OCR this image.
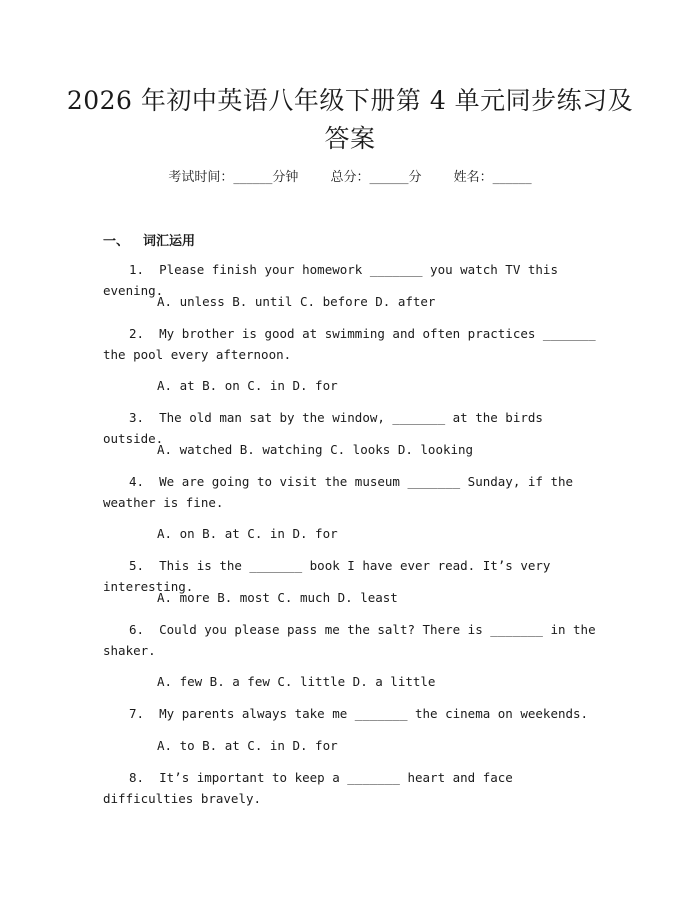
2026 年初中英语八年级下册第 4 单元同步练习及答案
考试时间：______分钟 总分：______分 姓名：______
一、 词汇运用
1. Please finish your homework _______ you watch TV this evening.
A. unless B. until C. before D. after
2. My brother is good at swimming and often practices _______ the pool every afternoon.
A. at B. on C. in D. for
3. The old man sat by the window, _______ at the birds outside.
A. watched B. watching C. looks D. looking
4. We are going to visit the museum _______ Sunday, if the weather is fine.
A. on B. at C. in D. for
5. This is the _______ book I have ever read. It’s very interesting.
A. more B. most C. much D. least
6. Could you please pass me the salt? There is _______ in the shaker.
A. few B. a few C. little D. a little
7. My parents always take me _______ the cinema on weekends.
A. to B. at C. in D. for
8. It’s important to keep a _______ heart and face difficulties bravely.
